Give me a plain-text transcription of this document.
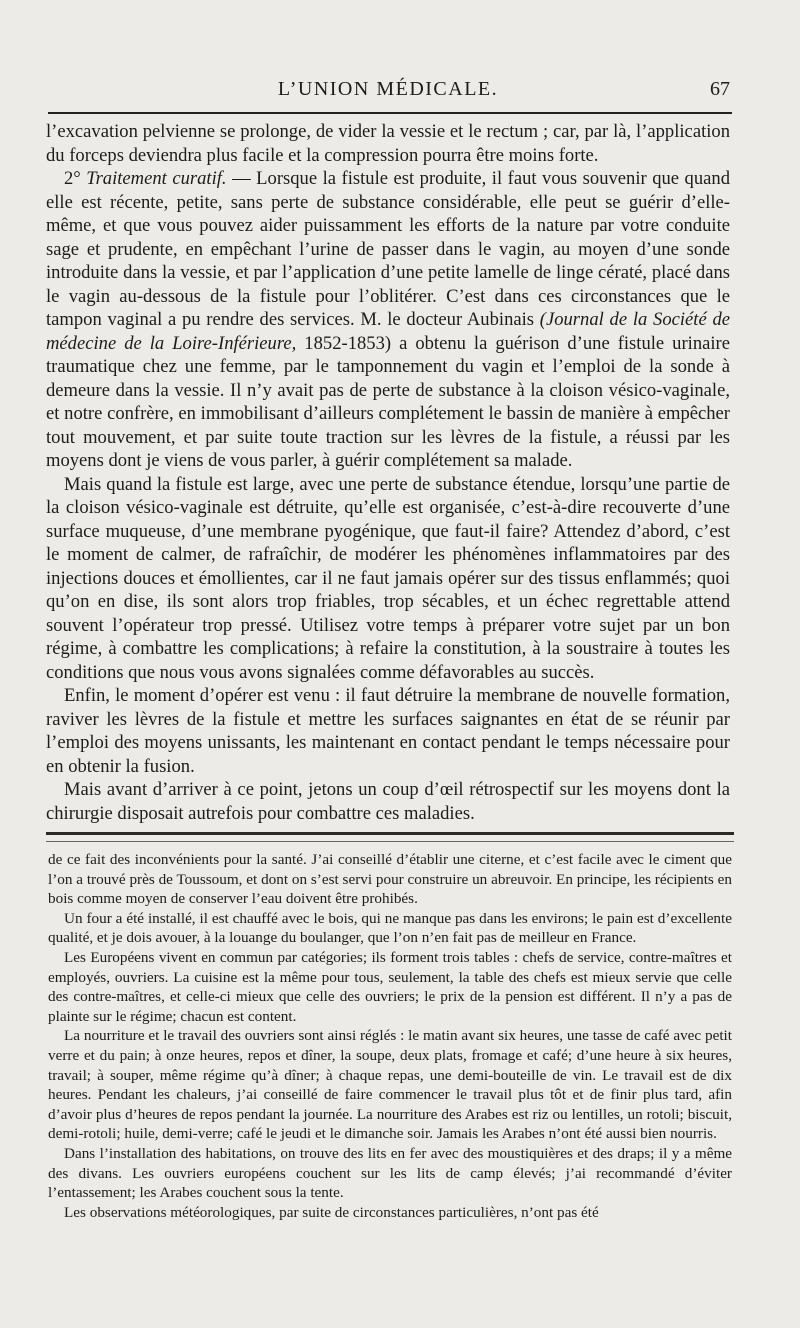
L’UNION MÉDICALE.	67

l’excavation pelvienne se prolonge, de vider la vessie et le rectum ; car, par là, l’application du forceps deviendra plus facile et la compression pourra être moins forte.

2° Traitement curatif. — Lorsque la fistule est produite, il faut vous souvenir que quand elle est récente, petite, sans perte de substance considérable, elle peut se guérir d’elle-même, et que vous pouvez aider puissamment les efforts de la nature par votre conduite sage et prudente, en empêchant l’urine de passer dans le vagin, au moyen d’une sonde introduite dans la vessie, et par l’application d’une petite lamelle de linge cératé, placé dans le vagin au-dessous de la fistule pour l’oblitérer. C’est dans ces circonstances que le tampon vaginal a pu rendre des services. M. le docteur Aubinais (Journal de la Société de médecine de la Loire-Inférieure, 1852-1853) a obtenu la guérison d’une fistule urinaire traumatique chez une femme, par le tamponnement du vagin et l’emploi de la sonde à demeure dans la vessie. Il n’y avait pas de perte de substance à la cloison vésico-vaginale, et notre confrère, en immobilisant d’ailleurs complétement le bassin de manière à empêcher tout mouvement, et par suite toute traction sur les lèvres de la fistule, a réussi par les moyens dont je viens de vous parler, à guérir complétement sa malade.

Mais quand la fistule est large, avec une perte de substance étendue, lorsqu’une partie de la cloison vésico-vaginale est détruite, qu’elle est organisée, c’est-à-dire recouverte d’une surface muqueuse, d’une membrane pyogénique, que faut-il faire? Attendez d’abord, c’est le moment de calmer, de rafraîchir, de modérer les phénomènes inflammatoires par des injections douces et émollientes, car il ne faut jamais opérer sur des tissus enflammés; quoi qu’on en dise, ils sont alors trop friables, trop sécables, et un échec regrettable attend souvent l’opérateur trop pressé. Utilisez votre temps à préparer votre sujet par un bon régime, à combattre les complications; à refaire la constitution, à la soustraire à toutes les conditions que nous vous avons signalées comme défavorables au succès.

Enfin, le moment d’opérer est venu : il faut détruire la membrane de nouvelle formation, raviver les lèvres de la fistule et mettre les surfaces saignantes en état de se réunir par l’emploi des moyens unissants, les maintenant en contact pendant le temps nécessaire pour en obtenir la fusion.

Mais avant d’arriver à ce point, jetons un coup d’œil rétrospectif sur les moyens dont la chirurgie disposait autrefois pour combattre ces maladies.

de ce fait des inconvénients pour la santé. J’ai conseillé d’établir une citerne, et c’est facile avec le ciment que l’on a trouvé près de Toussoum, et dont on s’est servi pour construire un abreuvoir. En principe, les récipients en bois comme moyen de conserver l’eau doivent être prohibés.

Un four a été installé, il est chauffé avec le bois, qui ne manque pas dans les environs; le pain est d’excellente qualité, et je dois avouer, à la louange du boulanger, que l’on n’en fait pas de meilleur en France.

Les Européens vivent en commun par catégories; ils forment trois tables : chefs de service, contre-maîtres et employés, ouvriers. La cuisine est la même pour tous, seulement, la table des chefs est mieux servie que celle des contre-maîtres, et celle-ci mieux que celle des ouvriers; le prix de la pension est différent. Il n’y a pas de plainte sur le régime; chacun est content.

La nourriture et le travail des ouvriers sont ainsi réglés : le matin avant six heures, une tasse de café avec petit verre et du pain; à onze heures, repos et dîner, la soupe, deux plats, fromage et café; d’une heure à six heures, travail; à souper, même régime qu’à dîner; à chaque repas, une demi-bouteille de vin. Le travail est de dix heures. Pendant les chaleurs, j’ai conseillé de faire commencer le travail plus tôt et de finir plus tard, afin d’avoir plus d’heures de repos pendant la journée. La nourriture des Arabes est riz ou lentilles, un rotoli; biscuit, demi-rotoli; huile, demi-verre; café le jeudi et le dimanche soir. Jamais les Arabes n’ont été aussi bien nourris.

Dans l’installation des habitations, on trouve des lits en fer avec des moustiquières et des draps; il y a même des divans. Les ouvriers européens couchent sur les lits de camp élevés; j’ai recommandé d’éviter l’entassement; les Arabes couchent sous la tente.

Les observations météorologiques, par suite de circonstances particulières, n’ont pas été
